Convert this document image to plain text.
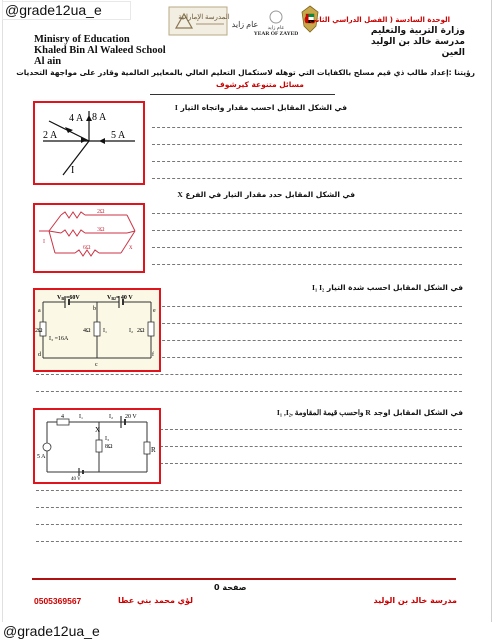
@grade12ua_e	المدرسة الإماراتية
عام زايد عام زايد
YEAR OF ZAYED
الوحدة السادسة ( الفصل الدراسي الثاني )
Minisry of Education
Khaled Bin Al Waleed School
Al ain
وزارة التربية والتعليم
مدرسة خالد بن الوليد
العين
رؤيتنا :إعداد طالب ذي قيم مسلح بالكفايات التي توهله لاستكمال التعليم العالي بالمعايير العالمية وقادر على مواجهة التحديات
مسائل متنوعة كيرشوف
في الشكل المقابل احسب مقدار واتجاه التيار I
4 A 8 A
2 A	5 A
I
في الشكل المقابل حدد مقدار التيار في الفرع X
2Ω
3Ω
6Ω
I
x
في الشكل المقابل احسب شدة التيار I₁ I₂
VB1=60V	VB2= 40 V
a	b	e
d
c
f
2Ω	4Ω	2Ω
I₃ =16A
I₁	I₂
في الشكل المقابل اوجد R واحسب قيمة المقاومة ,I₁ ,I₂
4	I₁
X
I₂ 20 V
8Ω
I₃
5 A
R
40 V
صفحة 0
مدرسة خالد بن الوليد
لؤي محمد بني عطا
0505369567
@grade12ua_e
